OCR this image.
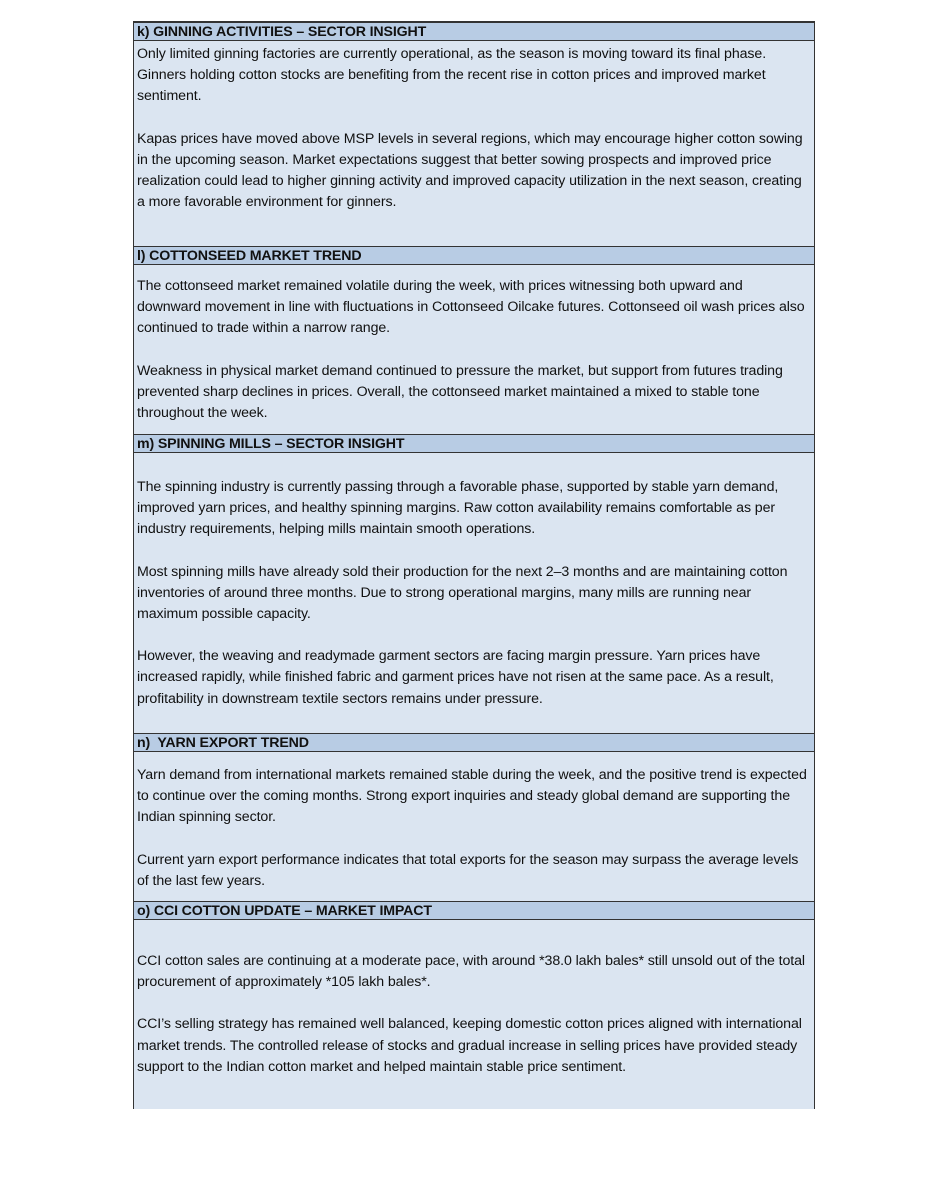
k) GINNING ACTIVITIES – SECTOR INSIGHT

Only limited ginning factories are currently operational, as the season is moving toward its final phase. Ginners holding cotton stocks are benefiting from the recent rise in cotton prices and improved market sentiment.

Kapas prices have moved above MSP levels in several regions, which may encourage higher cotton sowing in the upcoming season. Market expectations suggest that better sowing prospects and improved price realization could lead to higher ginning activity and improved capacity utilization in the next season, creating a more favorable environment for ginners.

l) COTTONSEED MARKET TREND

The cottonseed market remained volatile during the week, with prices witnessing both upward and downward movement in line with fluctuations in Cottonseed Oilcake futures. Cottonseed oil wash prices also continued to trade within a narrow range.

Weakness in physical market demand continued to pressure the market, but support from futures trading prevented sharp declines in prices. Overall, the cottonseed market maintained a mixed to stable tone throughout the week.

m) SPINNING MILLS – SECTOR INSIGHT

The spinning industry is currently passing through a favorable phase, supported by stable yarn demand, improved yarn prices, and healthy spinning margins. Raw cotton availability remains comfortable as per industry requirements, helping mills maintain smooth operations.

Most spinning mills have already sold their production for the next 2–3 months and are maintaining cotton inventories of around three months. Due to strong operational margins, many mills are running near maximum possible capacity.

However, the weaving and readymade garment sectors are facing margin pressure. Yarn prices have increased rapidly, while finished fabric and garment prices have not risen at the same pace. As a result, profitability in downstream textile sectors remains under pressure.

n)  YARN EXPORT TREND

Yarn demand from international markets remained stable during the week, and the positive trend is expected to continue over the coming months. Strong export inquiries and steady global demand are supporting the Indian spinning sector.

Current yarn export performance indicates that total exports for the season may surpass the average levels of the last few years.

o) CCI COTTON UPDATE – MARKET IMPACT

CCI cotton sales are continuing at a moderate pace, with around *38.0 lakh bales* still unsold out of the total procurement of approximately *105 lakh bales*.

CCI’s selling strategy has remained well balanced, keeping domestic cotton prices aligned with international market trends. The controlled release of stocks and gradual increase in selling prices have provided steady support to the Indian cotton market and helped maintain stable price sentiment.
